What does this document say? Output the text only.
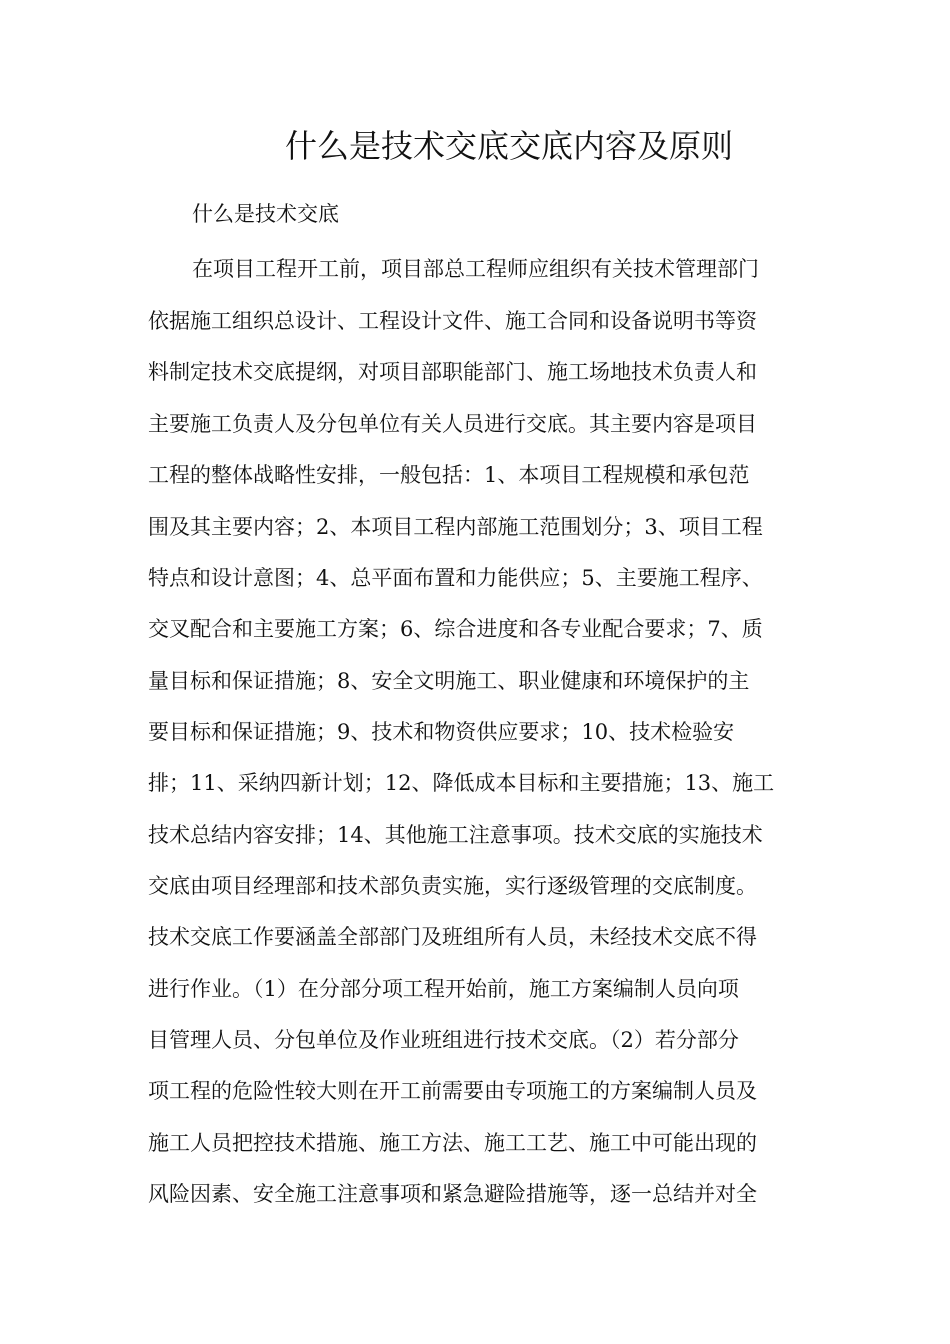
什么是技术交底交底内容及原则
什么是技术交底
在项目工程开工前，项目部总工程师应组织有关技术管理部门
依据施工组织总设计、工程设计文件、施工合同和设备说明书等资
料制定技术交底提纲，对项目部职能部门、施工场地技术负责人和
主要施工负责人及分包单位有关人员进行交底。其主要内容是项目
工程的整体战略性安排，一般包括：1、本项目工程规模和承包范
围及其主要内容；2、本项目工程内部施工范围划分；3、项目工程
特点和设计意图；4、总平面布置和力能供应；5、主要施工程序、
交叉配合和主要施工方案；6、综合进度和各专业配合要求；7、质
量目标和保证措施；8、安全文明施工、职业健康和环境保护的主
要目标和保证措施；9、技术和物资供应要求；10、技术检验安
排；11、采纳四新计划；12、降低成本目标和主要措施；13、施工
技术总结内容安排；14、其他施工注意事项。技术交底的实施技术
交底由项目经理部和技术部负责实施，实行逐级管理的交底制度。
技术交底工作要涵盖全部部门及班组所有人员，未经技术交底不得
进行作业。（1）在分部分项工程开始前，施工方案编制人员向项
目管理人员、分包单位及作业班组进行技术交底。（2）若分部分
项工程的危险性较大则在开工前需要由专项施工的方案编制人员及
施工人员把控技术措施、施工方法、施工工艺、施工中可能出现的
风险因素、安全施工注意事项和紧急避险措施等，逐一总结并对全
